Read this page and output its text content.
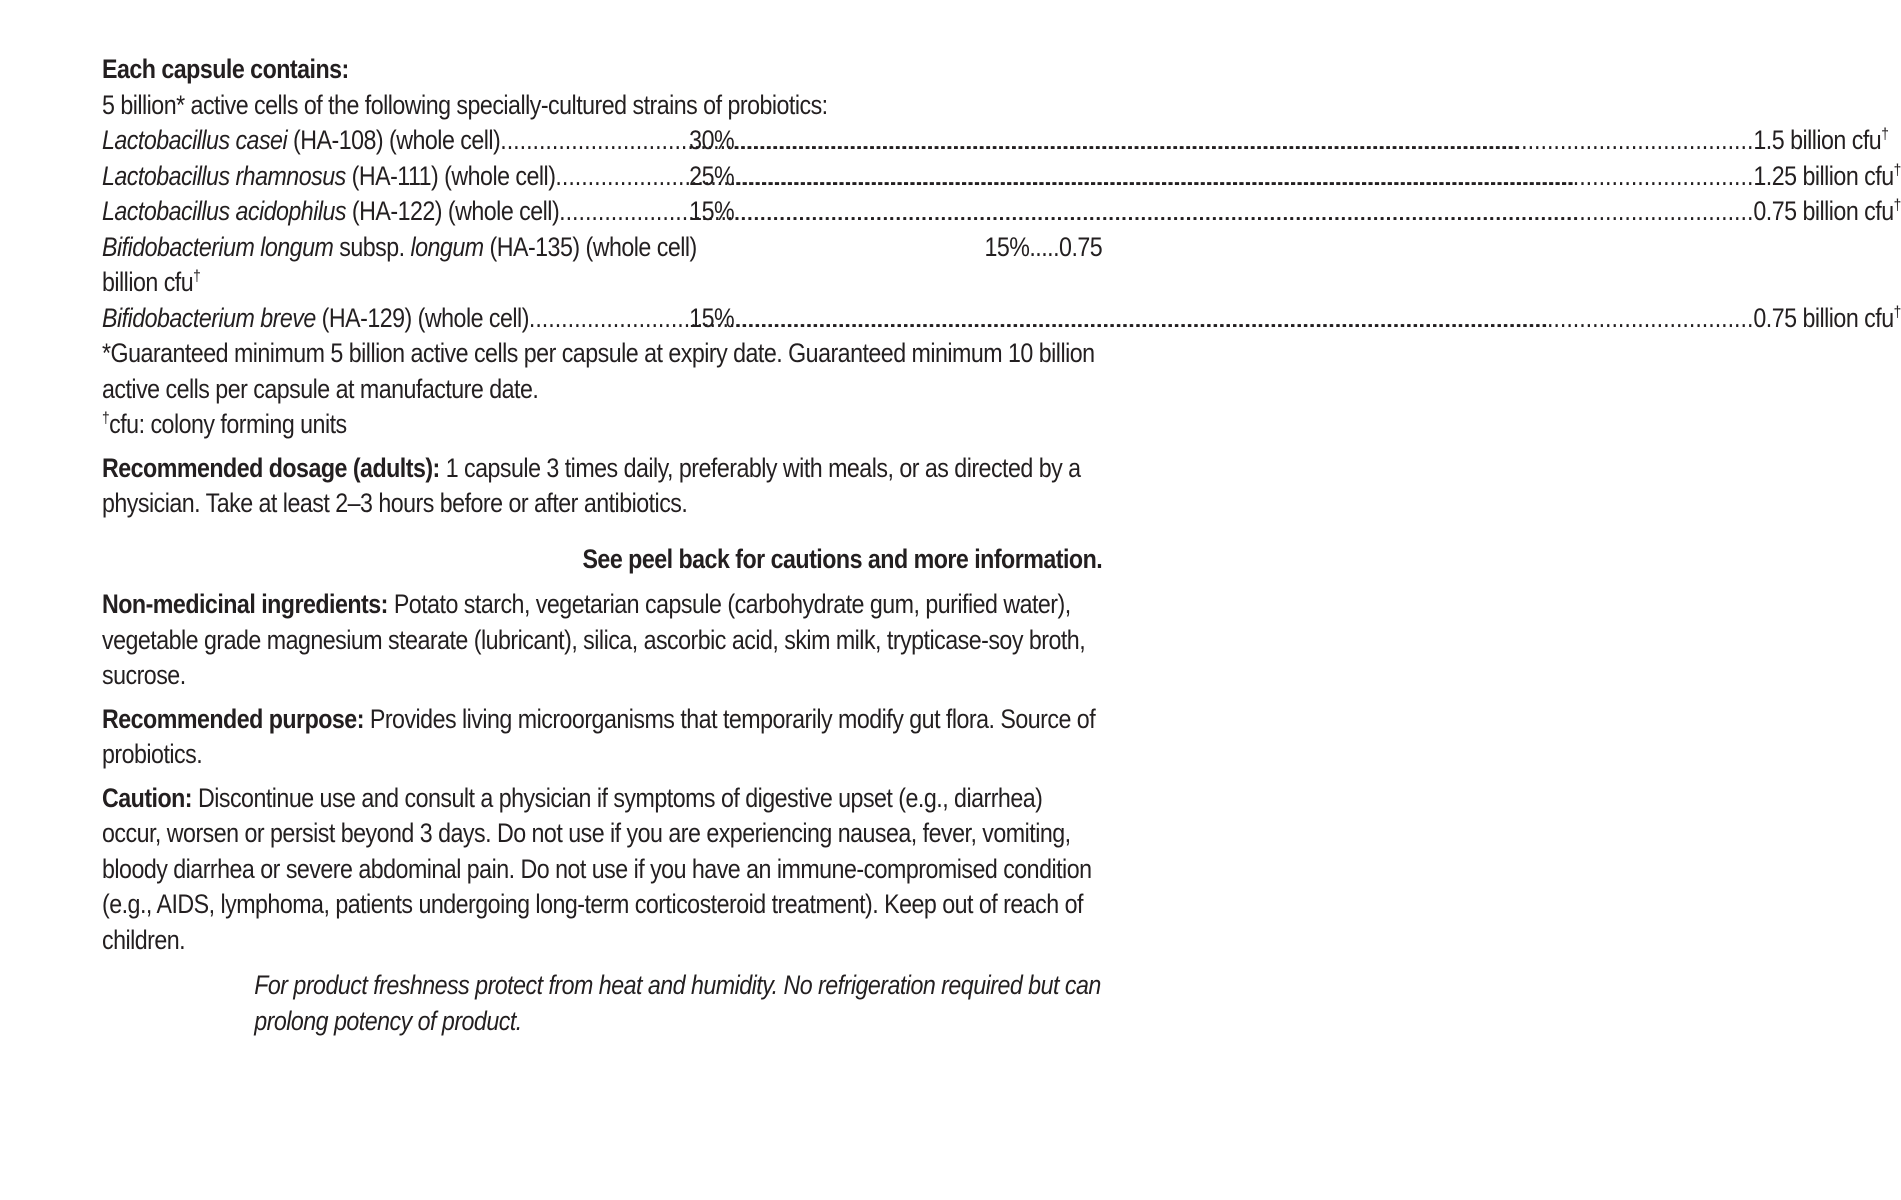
Each capsule contains:
5 billion* active cells of the following specially-cultured strains of probiotics:
Lactobacillus casei (HA-108) (whole cell) .....	30% .....	1.5 billion cfu†
Lactobacillus rhamnosus (HA-111) (whole cell) .....	25% .....	1.25 billion cfu†
Lactobacillus acidophilus (HA-122) (whole cell) .....	15% .....	0.75 billion cfu†
Bifidobacterium longum subsp. longum (HA-135) (whole cell)	15%.....0.75
billion cfu†
Bifidobacterium breve (HA-129) (whole cell) .....	15% .....	0.75 billion cfu†

*Guaranteed minimum 5 billion active cells per capsule at expiry date. Guaranteed minimum 10 billion active cells per capsule at manufacture date.

†cfu: colony forming units

Recommended dosage (adults): 1 capsule 3 times daily, preferably with meals, or as directed by a physician. Take at least 2–3 hours before or after antibiotics.

See peel back for cautions and more information.

Non-medicinal ingredients: Potato starch, vegetarian capsule (carbohydrate gum, purified water), vegetable grade magnesium stearate (lubricant), silica, ascorbic acid, skim milk, trypticase-soy broth, sucrose.

Recommended purpose: Provides living microorganisms that temporarily modify gut flora. Source of probiotics.

Caution: Discontinue use and consult a physician if symptoms of digestive upset (e.g., diarrhea) occur, worsen or persist beyond 3 days. Do not use if you are experiencing nausea, fever, vomiting, bloody diarrhea or severe abdominal pain. Do not use if you have an immune-compromised condition (e.g., AIDS, lymphoma, patients undergoing long-term corticosteroid treatment). Keep out of reach of children.

For product freshness protect from heat and humidity. No refrigeration required but can prolong potency of product.
